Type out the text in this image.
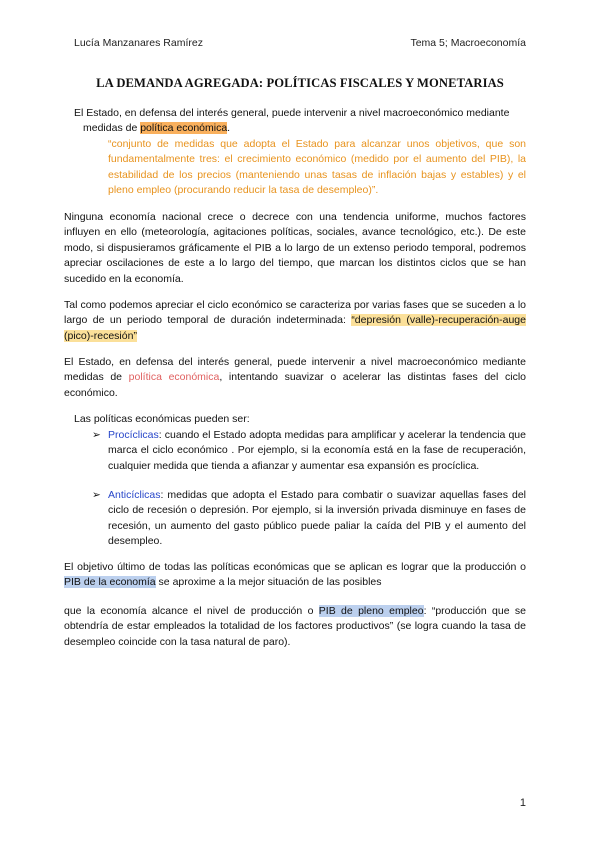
Lucía Manzanares Ramírez	Tema 5; Macroeconomía
LA DEMANDA AGREGADA: POLÍTICAS FISCALES Y MONETARIAS
El Estado, en defensa del interés general, puede intervenir a nivel macroeconómico mediante medidas de política económica.
“conjunto de medidas que adopta el Estado para alcanzar unos objetivos, que son fundamentalmente tres: el crecimiento económico (medido por el aumento del PIB), la estabilidad de los precios (manteniendo unas tasas de inflación bajas y estables) y el pleno empleo (procurando reducir la tasa de desempleo)”.
Ninguna economía nacional crece o decrece con una tendencia uniforme, muchos factores influyen en ello (meteorología, agitaciones políticas, sociales, avance tecnológico, etc.). De este modo, si dispusieramos gráficamente el PIB a lo largo de un extenso periodo temporal, podremos apreciar oscilaciones de este a lo largo del tiempo, que marcan los distintos ciclos que se han sucedido en la economía.
Tal como podemos apreciar el ciclo económico se caracteriza por varias fases que se suceden a lo largo de un periodo temporal de duración indeterminada: “depresión (valle)-recuperación-auge (pico)-recesión”
El Estado, en defensa del interés general, puede intervenir a nivel macroeconómico mediante medidas de política económica, intentando suavizar o acelerar las distintas fases del ciclo económico.
Las políticas económicas pueden ser:
➢ Procíclicas: cuando el Estado adopta medidas para amplificar y acelerar la tendencia que marca el ciclo económico . Por ejemplo, si la economía está en la fase de recuperación, cualquier medida que tienda a afianzar y aumentar esa expansión es procíclica.
➢ Anticíclicas: medidas que adopta el Estado para combatir o suavizar aquellas fases del ciclo de recesión o depresión. Por ejemplo, si la inversión privada disminuye en fases de recesión, un aumento del gasto público puede paliar la caída del PIB y el aumento del desempleo.
El objetivo último de todas las políticas económicas que se aplican es lograr que la producción o PIB de la economía se aproxime a la mejor situación de las posibles
que la economía alcance el nivel de producción o PIB de pleno empleo: “producción que se obtendría de estar empleados la totalidad de los factores productivos” (se logra cuando la tasa de desempleo coincide con la tasa natural de paro).
1
